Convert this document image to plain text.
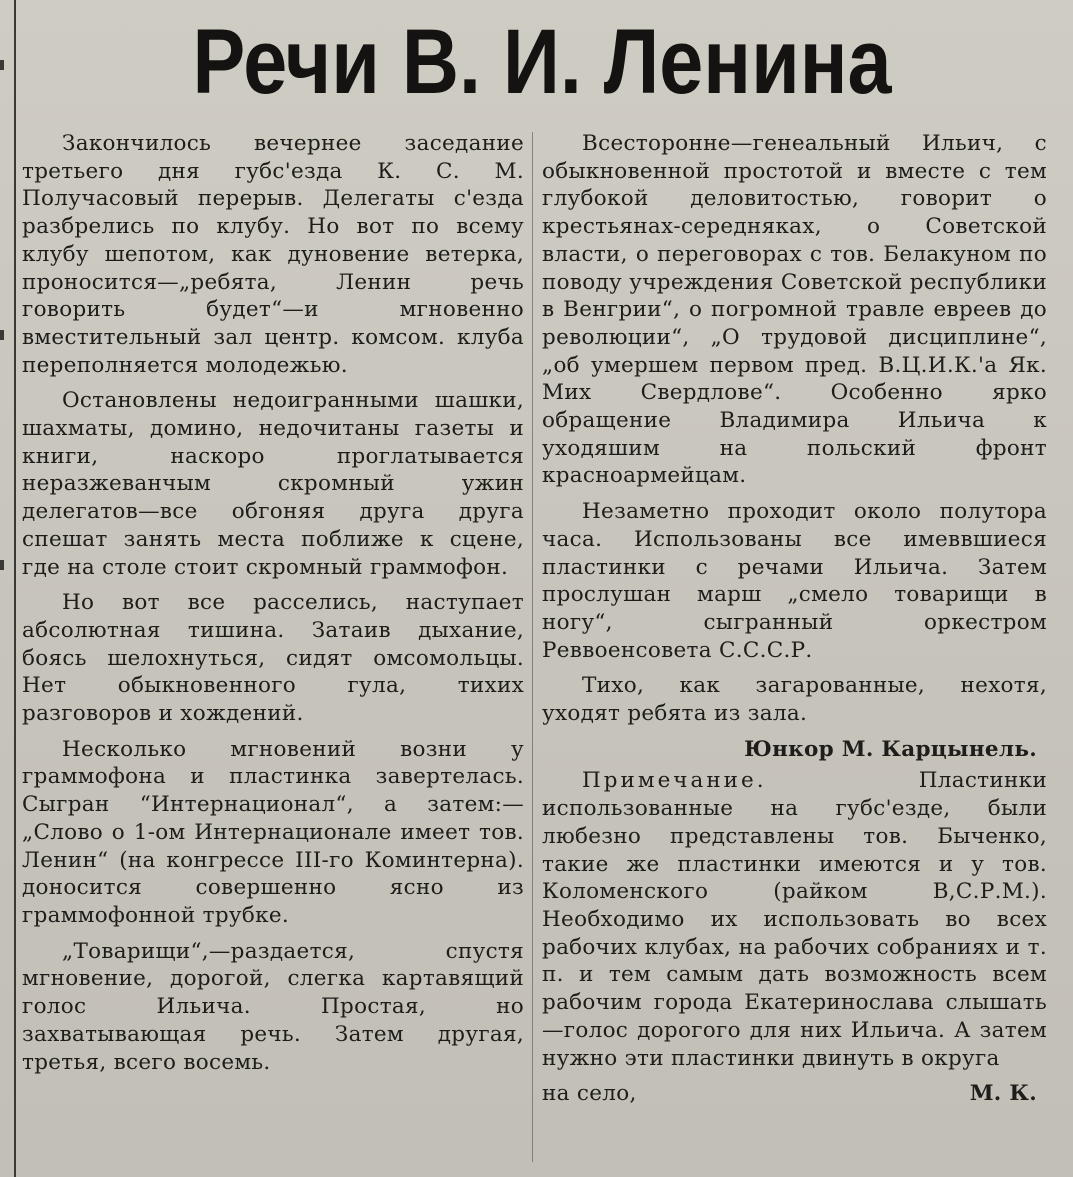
Речи В. И. Ленина

Закончилось вечернее заседание третьего дня губс'езда К. С. М. Получасовый перерыв. Делегаты с'езда разбрелись по клубу. Но вот по всему клубу шепотом, как дуновение ветерка, проносится—„ребята, Ленин речь говорить будет“—и мгновенно вместительный зал центр. комсом. клуба переполняется молодежью.

Остановлены недоигранными шашки, шахматы, домино, недочитаны газеты и книги, наскоро проглатывается неразжеванчым скромный ужин делегатов—все обгоняя друга друга спешат занять места поближе к сцене, где на столе стоит скромный граммофон.

Но вот все расселись, наступает абсолютная тишина. Затаив дыхание, боясь шелохнуться, сидят омсомольцы. Нет обыкновенного гула, тихих разговоров и хождений.

Несколько мгновений возни у граммофона и пластинка завертелась. Сыгран “Интернационал“, а затем:—„Слово о 1-ом Интернационале имеет тов. Ленин“ (на конгрессе III-го Коминтерна). доносится совершенно ясно из граммофонной трубке.

„Товарищи“,—раздается, спустя мгновение, дорогой, слегка картавящий голос Ильича. Простая, но захватывающая речь. Затем другая, третья, всего восемь.

Всесторонне—генеальный Ильич, с обыкновенной простотой и вместе с тем глубокой деловитостью, говорит о крестьянах-середняках, о Советской власти, о переговорах с тов. Белакуном по поводу учреждения Советской республики в Венгрии“, о погромной травле евреев до революции“, „О трудовой дисциплине“, „об умершем первом пред. В.Ц.И.К.'а Як. Мих Свердлове“. Особенно ярко обращение Владимира Ильича к уходяшим на польский фронт красноармейцам.

Незаметно проходит около полутора часа. Использованы все имеввшиеся пластинки с речами Ильича. Затем прослушан марш „смело товарищи в ногу“, сыгранный оркестром Реввоенсовета С.С.С.Р.

Тихо, как загарованные, нехотя, уходят ребята из зала.

Юнкор М. Карцынель.

Примечание. Пластинки использованные на губс'езде, были любезно представлены тов. Быченко, такие же пластинки имеются и у тов. Коломенского (райком В,С.Р.М.). Необходимо их использовать во всех рабочих клубах, на рабочих собраниях и т. п. и тем самым дать возможность всем рабочим города Екатеринослава слышать—голос дорогого для них Ильича. А затем нужно эти пластинки двинуть в округа

на село,	М. К.
